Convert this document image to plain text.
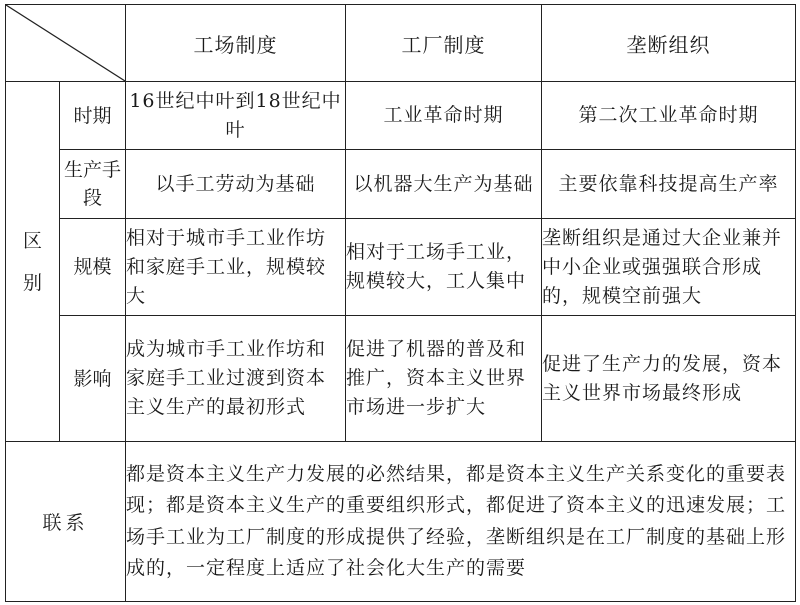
	工场制度	工厂制度	垄断组织
区别	时期	16世纪中叶到18世纪中叶	工业革命时期	第二次工业革命时期
	生产手段	以手工劳动为基础	以机器大生产为基础	主要依靠科技提高生产率
	规模	相对于城市手工业作坊和家庭手工业，规模较大	相对于工场手工业，规模较大，工人集中	垄断组织是通过大企业兼并中小企业或强强联合形成的，规模空前强大
	影响	成为城市手工业作坊和家庭手工业过渡到资本主义生产的最初形式	促进了机器的普及和推广，资本主义世界市场进一步扩大	促进了生产力的发展，资本主义世界市场最终形成
联系		都是资本主义生产力发展的必然结果，都是资本主义生产关系变化的重要表现；都是资本主义生产的重要组织形式，都促进了资本主义的迅速发展；工场手工业为工厂制度的形成提供了经验，垄断组织是在工厂制度的基础上形成的，一定程度上适应了社会化大生产的需要		
